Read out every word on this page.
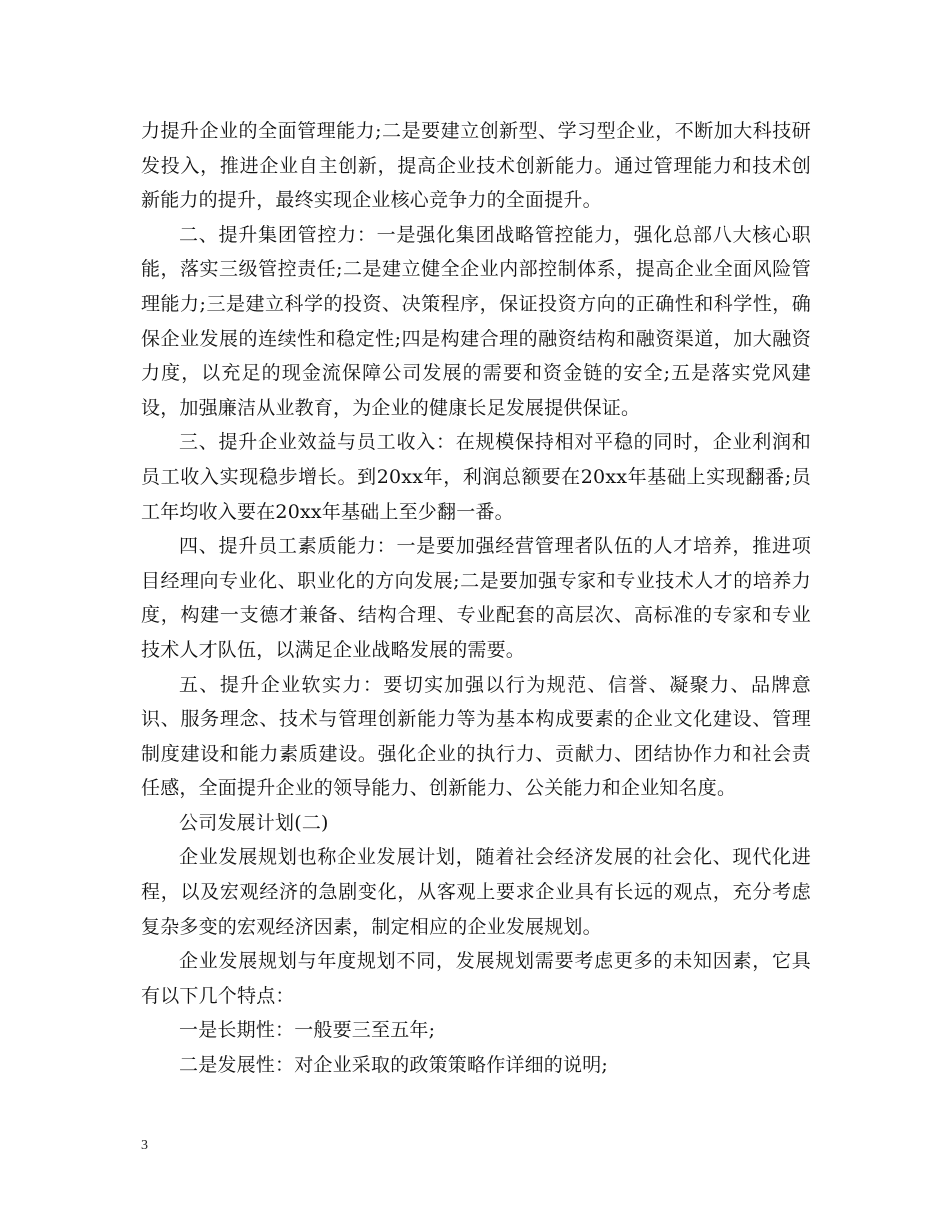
力提升企业的全面管理能力;二是要建立创新型、学习型企业，不断加大科技研发投入，推进企业自主创新，提高企业技术创新能力。通过管理能力和技术创新能力的提升，最终实现企业核心竞争力的全面提升。

二、提升集团管控力：一是强化集团战略管控能力，强化总部八大核心职能，落实三级管控责任;二是建立健全企业内部控制体系，提高企业全面风险管理能力;三是建立科学的投资、决策程序，保证投资方向的正确性和科学性，确保企业发展的连续性和稳定性;四是构建合理的融资结构和融资渠道，加大融资力度，以充足的现金流保障公司发展的需要和资金链的安全;五是落实党风建设，加强廉洁从业教育，为企业的健康长足发展提供保证。

三、提升企业效益与员工收入：在规模保持相对平稳的同时，企业利润和员工收入实现稳步增长。到20xx年，利润总额要在20xx年基础上实现翻番;员工年均收入要在20xx年基础上至少翻一番。

四、提升员工素质能力：一是要加强经营管理者队伍的人才培养，推进项目经理向专业化、职业化的方向发展;二是要加强专家和专业技术人才的培养力度，构建一支德才兼备、结构合理、专业配套的高层次、高标准的专家和专业技术人才队伍，以满足企业战略发展的需要。

五、提升企业软实力：要切实加强以行为规范、信誉、凝聚力、品牌意识、服务理念、技术与管理创新能力等为基本构成要素的企业文化建设、管理制度建设和能力素质建设。强化企业的执行力、贡献力、团结协作力和社会责任感，全面提升企业的领导能力、创新能力、公关能力和企业知名度。

公司发展计划(二)

企业发展规划也称企业发展计划，随着社会经济发展的社会化、现代化进程，以及宏观经济的急剧变化，从客观上要求企业具有长远的观点，充分考虑复杂多变的宏观经济因素，制定相应的企业发展规划。

企业发展规划与年度规划不同，发展规划需要考虑更多的未知因素，它具有以下几个特点：

一是长期性：一般要三至五年;

二是发展性：对企业采取的政策策略作详细的说明;

3
